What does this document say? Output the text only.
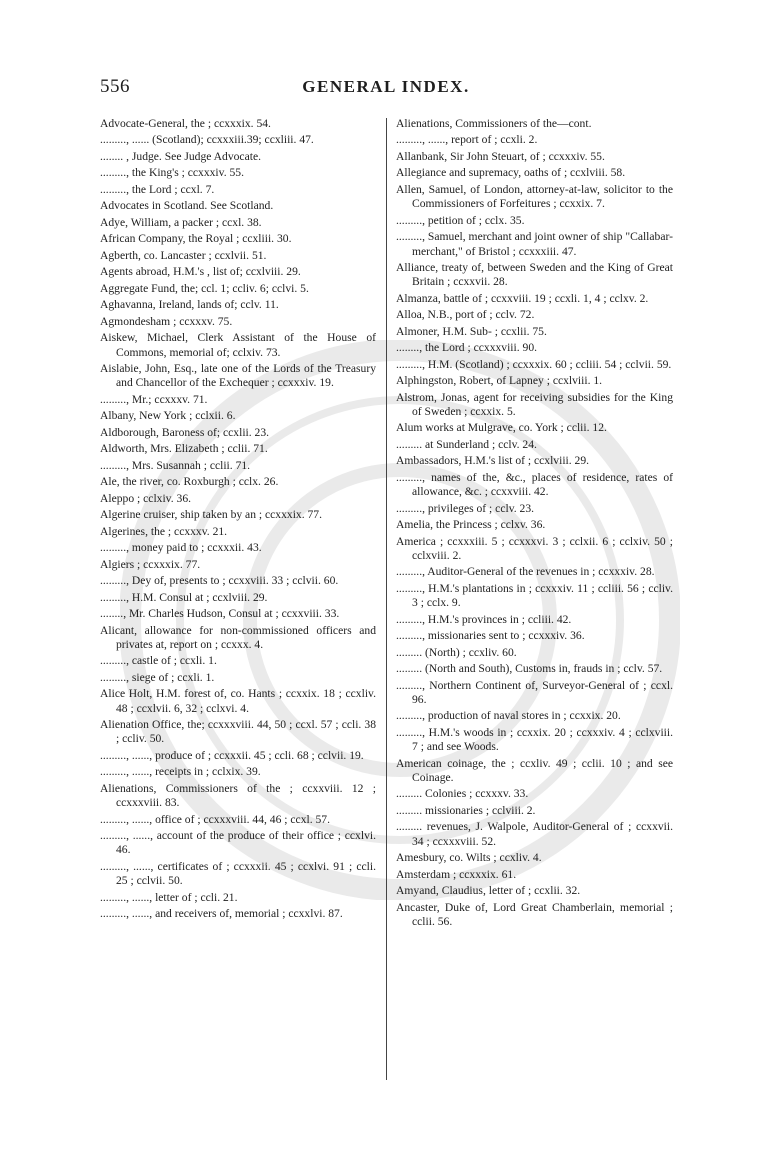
556	GENERAL INDEX.
Advocate-General, the ; ccxxxix. 54.
........., ...... (Scotland); ccxxxiii.39; ccxliii. 47.
........ , Judge. See Judge Advocate.
........., the King's ; ccxxxiv. 55.
........., the Lord ; ccxl. 7.
Advocates in Scotland. See Scotland.
Adye, William, a packer ; ccxl. 38.
African Company, the Royal ; ccxliii. 30.
Agberth, co. Lancaster ; ccxlvii. 51.
Agents abroad, H.M.'s , list of; ccxlviii. 29.
Aggregate Fund, the; ccl. 1; ccliv. 6; cclvi. 5.
Aghavanna, Ireland, lands of; cclv. 11.
Agmondesham ; ccxxxv. 75.
Aiskew, Michael, Clerk Assistant of the House of Commons, memorial of; cclxiv. 73.
Aislabie, John, Esq., late one of the Lords of the Treasury and Chancellor of the Exchequer ; ccxxxiv. 19.
........., Mr.; ccxxxv. 71.
Albany, New York ; cclxii. 6.
Aldborough, Baroness of; ccxlii. 23.
Aldworth, Mrs. Elizabeth ; cclii. 71.
........., Mrs. Susannah ; cclii. 71.
Ale, the river, co. Roxburgh ; cclx. 26.
Aleppo ; cclxiv. 36.
Algerine cruiser, ship taken by an ; ccxxxix. 77.
Algerines, the ; ccxxxv. 21.
........., money paid to ; ccxxxii. 43.
Algiers ; ccxxxix. 77.
........., Dey of, presents to ; ccxxviii. 33 ; cclvii. 60.
........., H.M. Consul at ; ccxlviii. 29.
........, Mr. Charles Hudson, Consul at ; ccxxviii. 33.
Alicant, allowance for non-commissioned officers and privates at, report on ; ccxxx. 4.
........., castle of ; ccxli. 1.
........., siege of ; ccxli. 1.
Alice Holt, H.M. forest of, co. Hants ; ccxxix. 18 ; ccxliv. 48 ; ccxlvii. 6, 32 ; cclxvi. 4.
Alienation Office, the; ccxxxviii. 44, 50 ; ccxl. 57 ; ccli. 38 ; ccliv. 50.
........., ......, produce of ; ccxxxii. 45 ; ccli. 68 ; cclvii. 19.
........., ......, receipts in ; cclxix. 39.
Alienations, Commissioners of the ; ccxxviii. 12 ; ccxxxviii. 83.
........., ......, office of ; ccxxxviii. 44, 46 ; ccxl. 57.
........., ......, account of the produce of their office ; ccxlvi. 46.
........., ......, certificates of ; ccxxxii. 45 ; ccxlvi. 91 ; ccli. 25 ; cclvii. 50.
........., ......, letter of ; ccli. 21.
........., ......, and receivers of, memorial ; ccxxlvi. 87.
Alienations, Commissioners of the—cont.
........., ......, report of ; ccxli. 2.
Allanbank, Sir John Steuart, of ; ccxxxiv. 55.
Allegiance and supremacy, oaths of ; ccxlviii. 58.
Allen, Samuel, of London, attorney-at-law, solicitor to the Commissioners of Forfeitures ; ccxxix. 7.
........., petition of ; cclx. 35.
........., Samuel, merchant and joint owner of ship "Callabar-merchant," of Bristol ; ccxxxiii. 47.
Alliance, treaty of, between Sweden and the King of Great Britain ; ccxxvii. 28.
Almanza, battle of ; ccxxviii. 19 ; ccxli. 1, 4 ; cclxv. 2.
Alloa, N.B., port of ; cclv. 72.
Almoner, H.M. Sub- ; ccxlii. 75.
........, the Lord ; ccxxxviii. 90.
........., H.M. (Scotland) ; ccxxxix. 60 ; ccliii. 54 ; cclvii. 59.
Alphingston, Robert, of Lapney ; ccxlviii. 1.
Alstrom, Jonas, agent for receiving subsidies for the King of Sweden ; ccxxix. 5.
Alum works at Mulgrave, co. York ; cclii. 12.
......... at Sunderland ; cclv. 24.
Ambassadors, H.M.'s list of ; ccxlviii. 29.
........., names of the, &c., places of residence, rates of allowance, &c. ; ccxxviii. 42.
........., privileges of ; cclv. 23.
Amelia, the Princess ; cclxv. 36.
America ; ccxxxiii. 5 ; ccxxxvi. 3 ; cclxii. 6 ; cclxiv. 50 ; cclxviii. 2.
........., Auditor-General of the revenues in ; ccxxxiv. 28.
........., H.M.'s plantations in ; ccxxxiv. 11 ; ccliii. 56 ; ccliv. 3 ; cclx. 9.
........., H.M.'s provinces in ; ccliii. 42.
........., missionaries sent to ; ccxxxiv. 36.
......... (North) ; ccxliv. 60.
......... (North and South), Customs in, frauds in ; cclv. 57.
........., Northern Continent of, Surveyor-General of ; ccxl. 96.
........., production of naval stores in ; ccxxix. 20.
........., H.M.'s woods in ; ccxxix. 20 ; ccxxxiv. 4 ; cclxviii. 7 ; and see Woods.
American coinage, the ; ccxliv. 49 ; cclii. 10 ; and see Coinage.
......... Colonies ; ccxxxv. 33.
......... missionaries ; cclviii. 2.
......... revenues, J. Walpole, Auditor-General of ; ccxxvii. 34 ; ccxxxviii. 52.
Amesbury, co. Wilts ; ccxliv. 4.
Amsterdam ; ccxxxix. 61.
Amyand, Claudius, letter of ; ccxlii. 32.
Ancaster, Duke of, Lord Great Chamberlain, memorial ; cclii. 56.
